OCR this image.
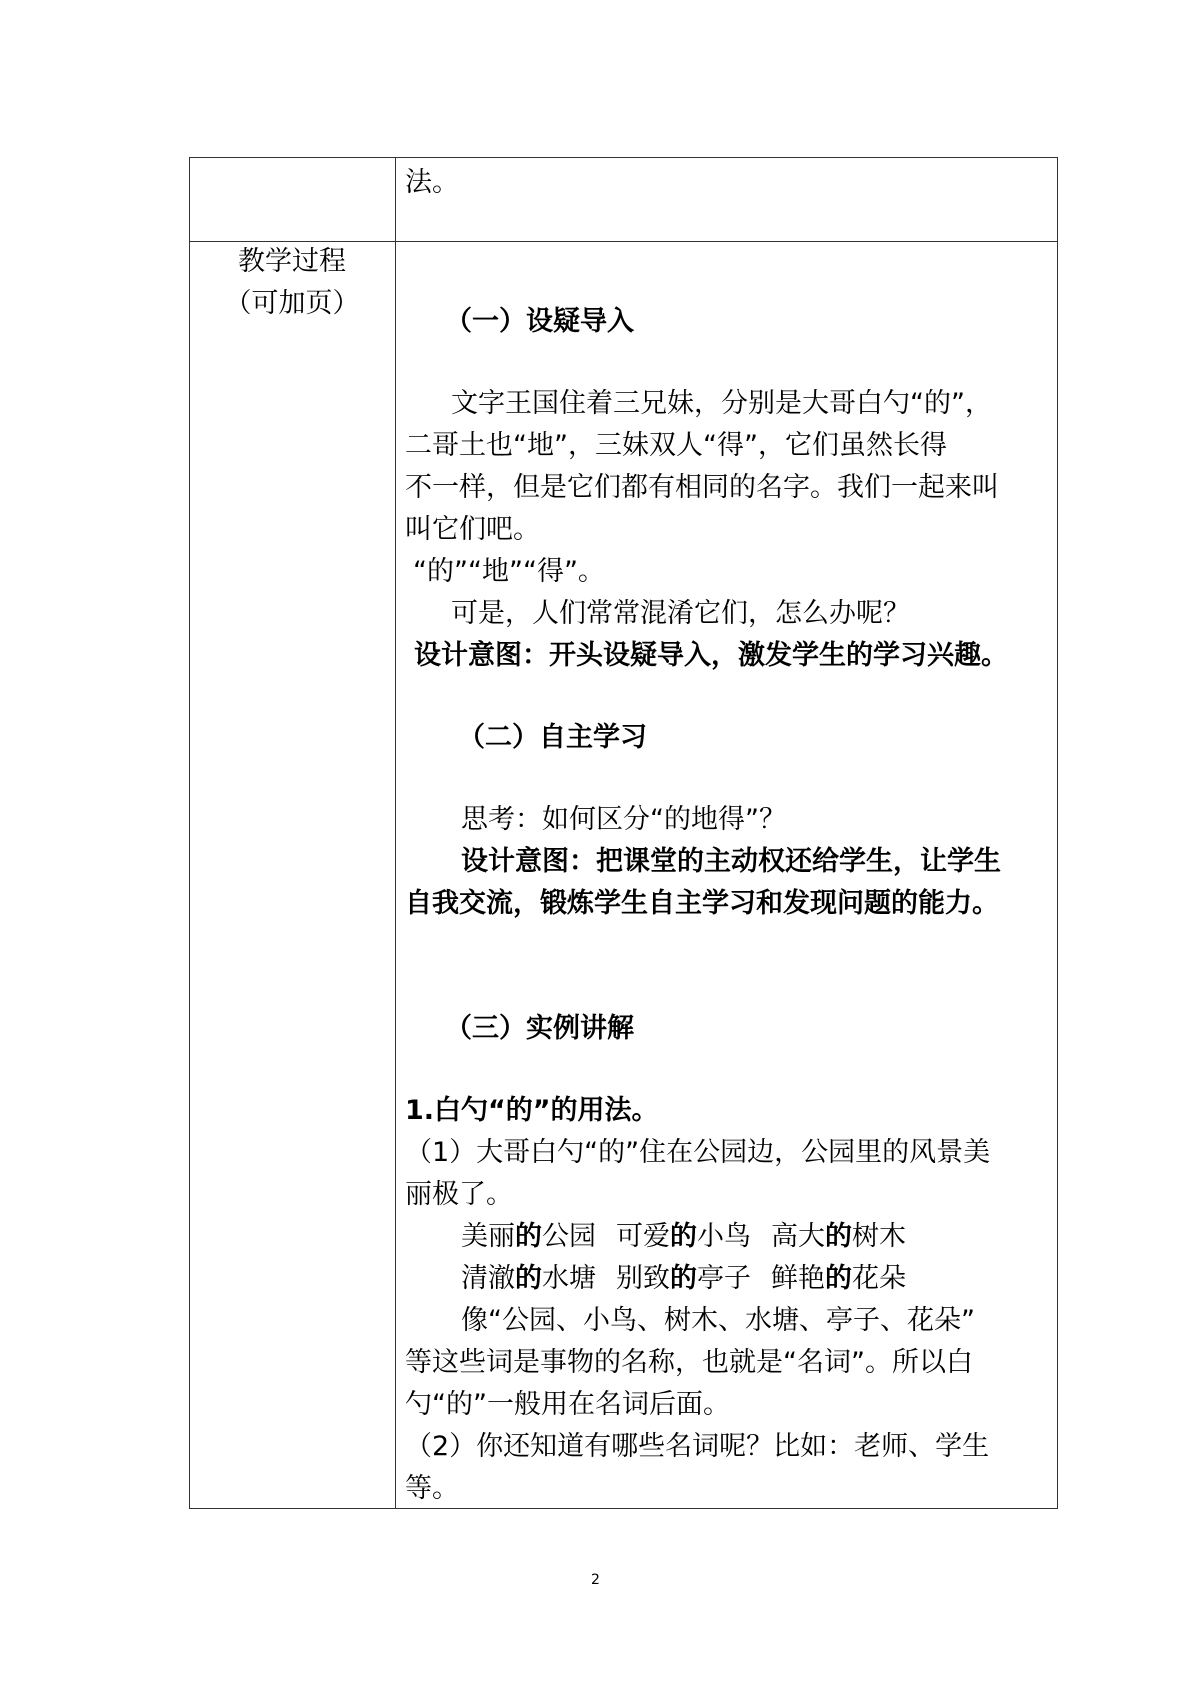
法。
教学过程
（可加页）
（一）设疑导入
文字王国住着三兄妹，分别是大哥白勺“的”，
二哥土也“地”，三妹双人“得”，它们虽然长得
不一样，但是它们都有相同的名字。我们一起来叫
叫它们吧。
“的”“地”“得”。
可是，人们常常混淆它们，怎么办呢？
设计意图：开头设疑导入，激发学生的学习兴趣。
（二）自主学习
思考：如何区分“的地得”？
设计意图：把课堂的主动权还给学生，让学生
自我交流，锻炼学生自主学习和发现问题的能力。
（三）实例讲解
1.白勺“的”的用法。
（1）大哥白勺“的”住在公园边，公园里的风景美
丽极了。
美丽的公园 可爱的小鸟 高大的树木
清澈的水塘 别致的亭子 鲜艳的花朵
像“公园、小鸟、树木、水塘、亭子、花朵”
等这些词是事物的名称，也就是“名词”。所以白
勺“的”一般用在名词后面。
（2）你还知道有哪些名词呢？比如：老师、学生
等。
2
